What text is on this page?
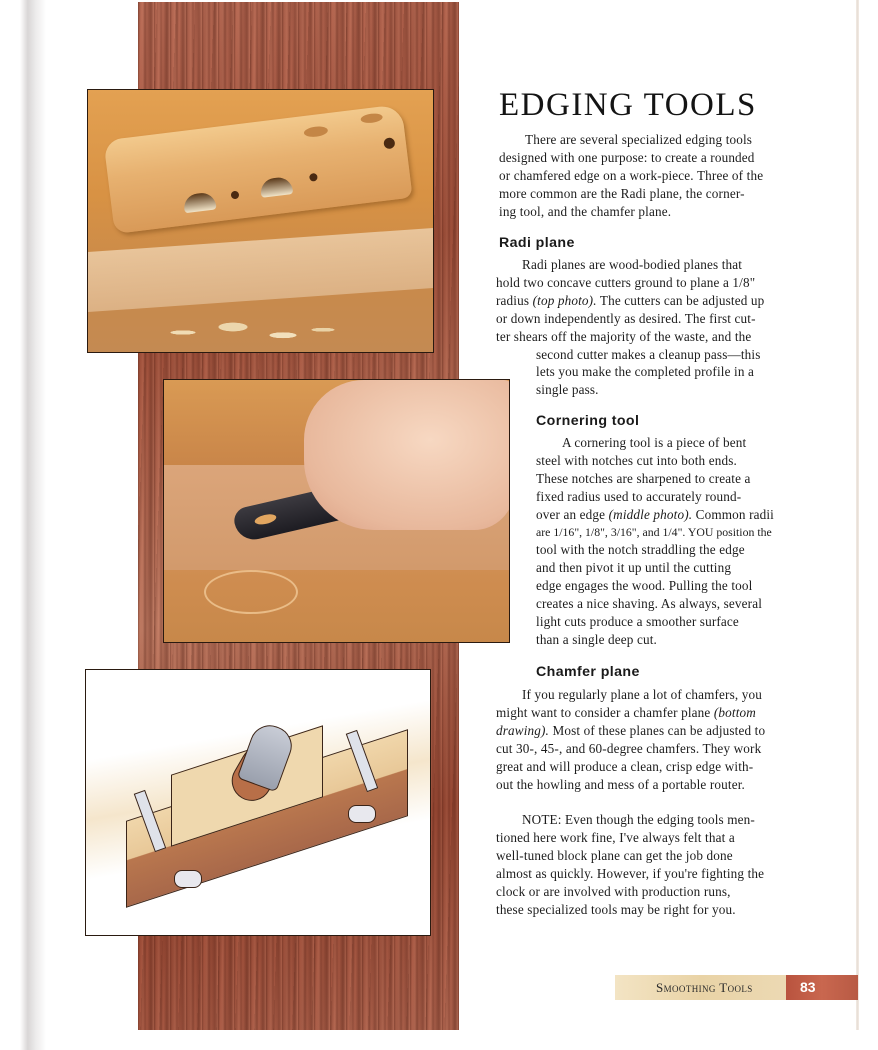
EDGING TOOLS

There are several specialized edging tools
designed with one purpose: to create a rounded
or chamfered edge on a work-piece. Three of the
more common are the Radi plane, the corner-
ing tool, and the chamfer plane.

Radi plane

Radi planes are wood-bodied planes that
hold two concave cutters ground to plane a 1/8"
radius (top photo). The cutters can be adjusted up
or down independently as desired. The first cut-
ter shears off the majority of the waste, and the
second cutter makes a cleanup pass—this
lets you make the completed profile in a
single pass.

Cornering tool

A cornering tool is a piece of bent
steel with notches cut into both ends.
These notches are sharpened to create a
fixed radius used to accurately round-
over an edge (middle photo). Common radii
are 1/16", 1/8", 3/16", and 1/4". YOU position the
tool with the notch straddling the edge
and then pivot it up until the cutting
edge engages the wood. Pulling the tool
creates a nice shaving. As always, several
light cuts produce a smoother surface
than a single deep cut.

Chamfer plane

If you regularly plane a lot of chamfers, you
might want to consider a chamfer plane (bottom
drawing). Most of these planes can be adjusted to
cut 30-, 45-, and 60-degree chamfers. They work
great and will produce a clean, crisp edge with-
out the howling and mess of a portable router.

NOTE: Even though the edging tools men-
tioned here work fine, I've always felt that a
well-tuned block plane can get the job done
almost as quickly. However, if you're fighting the
clock or are involved with production runs,
these specialized tools may be right for you.

Smoothing Tools	83
